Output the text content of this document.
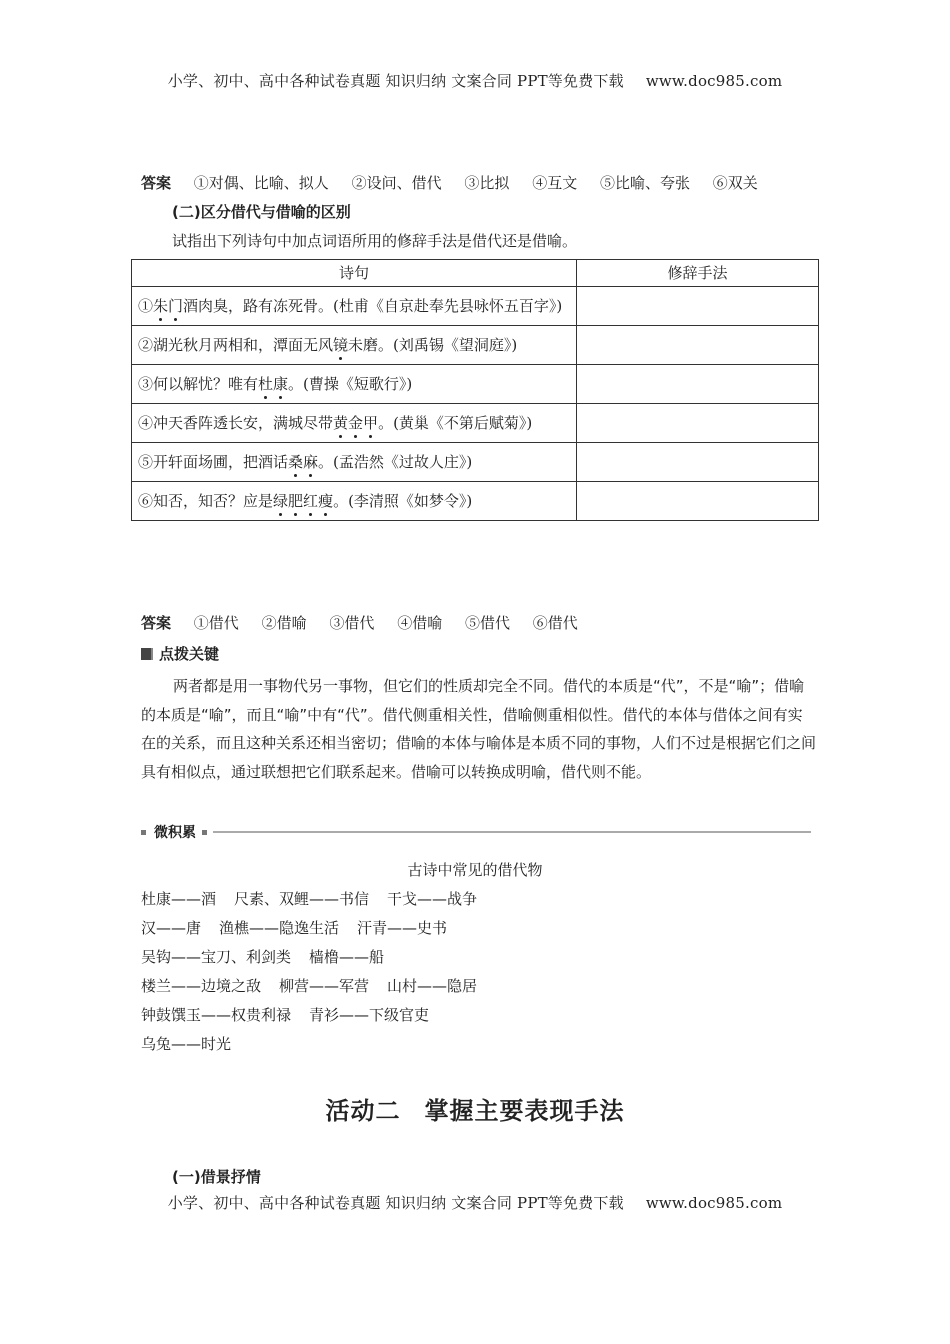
小学、初中、高中各种试卷真题 知识归纳 文案合同 PPT等免费下载 www.doc985.com
答案 ①对偶、比喻、拟人 ②设问、借代 ③比拟 ④互文 ⑤比喻、夸张 ⑥双关
(二)区分借代与借喻的区别
试指出下列诗句中加点词语所用的修辞手法是借代还是借喻。
诗句	修辞手法
①朱门酒肉臭，路有冻死骨。(杜甫《自京赴奉先县咏怀五百字》)	
②湖光秋月两相和，潭面无风镜未磨。(刘禹锡《望洞庭》)	
③何以解忧？唯有杜康。(曹操《短歌行》)	
④冲天香阵透长安，满城尽带黄金甲。(黄巢《不第后赋菊》)	
⑤开轩面场圃，把酒话桑麻。(孟浩然《过故人庄》)	
⑥知否，知否？应是绿肥红瘦。(李清照《如梦令》)	
答案 ①借代 ②借喻 ③借代 ④借喻 ⑤借代 ⑥借代
点拨关键
两者都是用一事物代另一事物，但它们的性质却完全不同。借代的本质是“代”，不是“喻”；借喻的本质是“喻”，而且“喻”中有“代”。借代侧重相关性，借喻侧重相似性。借代的本体与借体之间有实在的关系，而且这种关系还相当密切；借喻的本体与喻体是本质不同的事物，人们不过是根据它们之间具有相似点，通过联想把它们联系起来。借喻可以转换成明喻，借代则不能。
微积累
古诗中常见的借代物
杜康——酒 尺素、双鲤——书信 干戈——战争
汉——唐 渔樵——隐逸生活 汗青——史书
吴钩——宝刀、利剑类 樯橹——船
楼兰——边境之敌 柳营——军营 山村——隐居
钟鼓馔玉——权贵利禄 青衫——下级官吏
乌兔——时光
活动二 掌握主要表现手法
(一)借景抒情
小学、初中、高中各种试卷真题 知识归纳 文案合同 PPT等免费下载 www.doc985.com
